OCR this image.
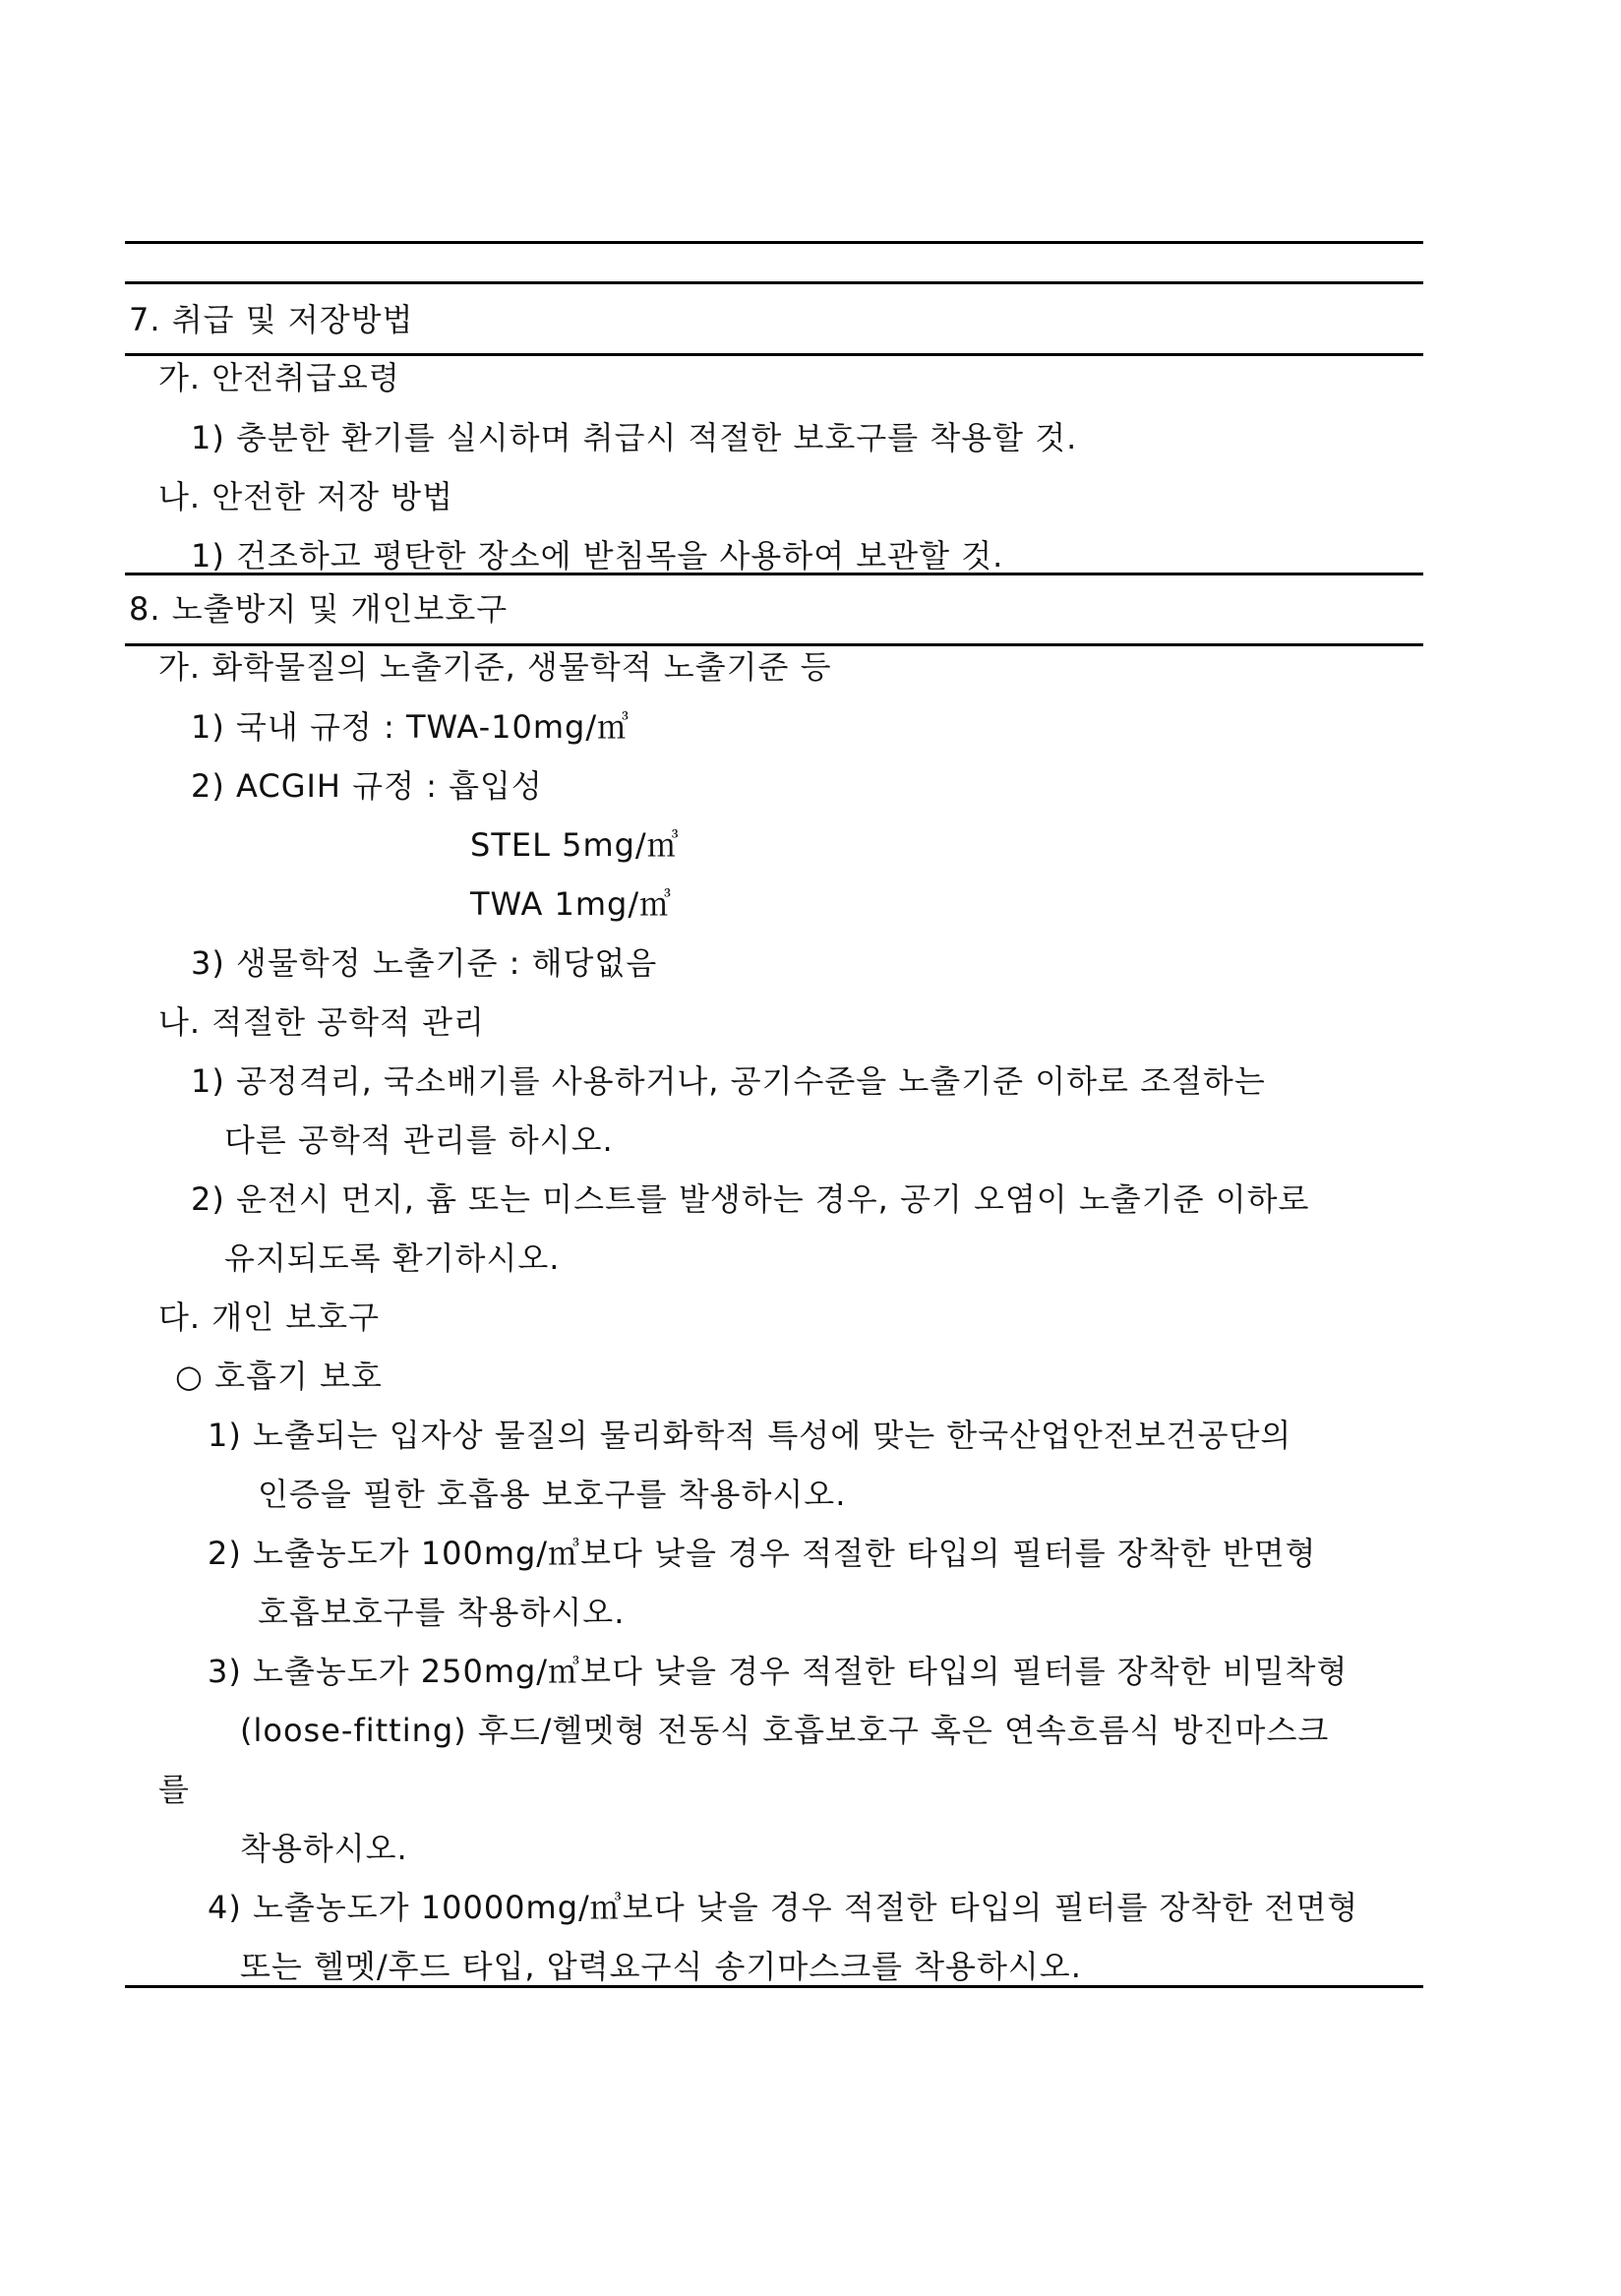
7. 취급 및 저장방법
가. 안전취급요령
1) 충분한 환기를 실시하며 취급시 적절한 보호구를 착용할 것.
나. 안전한 저장 방법
1) 건조하고 평탄한 장소에 받침목을 사용하여 보관할 것.
8. 노출방지 및 개인보호구
가. 화학물질의 노출기준, 생물학적 노출기준 등
1) 국내 규정 : TWA-10mg/㎥
2) ACGIH 규정 : 흡입성
STEL 5mg/㎥
TWA 1mg/㎥
3) 생물학정 노출기준 : 해당없음
나. 적절한 공학적 관리
1) 공정격리, 국소배기를 사용하거나, 공기수준을 노출기준 이하로 조절하는
다른 공학적 관리를 하시오.
2) 운전시 먼지, 흄 또는 미스트를 발생하는 경우, 공기 오염이 노출기준 이하로
유지되도록 환기하시오.
다. 개인 보호구
○ 호흡기 보호
1) 노출되는 입자상 물질의 물리화학적 특성에 맞는 한국산업안전보건공단의
인증을 필한 호흡용 보호구를 착용하시오.
2) 노출농도가 100mg/㎥보다 낮을 경우 적절한 타입의 필터를 장착한 반면형
호흡보호구를 착용하시오.
3) 노출농도가 250mg/㎥보다 낮을 경우 적절한 타입의 필터를 장착한 비밀착형
(loose-fitting) 후드/헬멧형 전동식 호흡보호구 혹은 연속흐름식 방진마스크
를
착용하시오.
4) 노출농도가 10000mg/㎥보다 낮을 경우 적절한 타입의 필터를 장착한 전면형
또는 헬멧/후드 타입, 압력요구식 송기마스크를 착용하시오.
